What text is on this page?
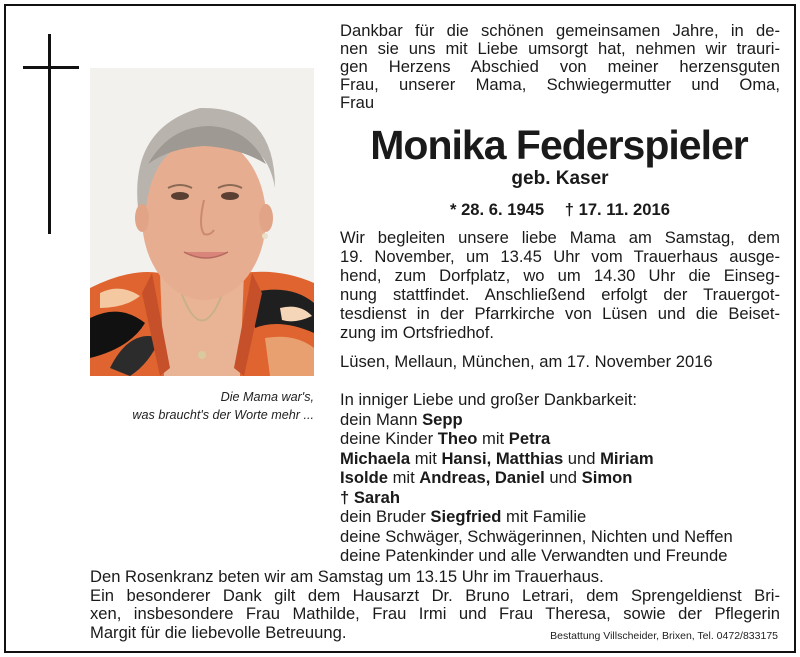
Die Mama war's,
was braucht's der Worte mehr ...
Dankbar für die schönen gemeinsamen Jahre, in de-
nen sie uns mit Liebe umsorgt hat, nehmen wir trauri-
gen Herzens Abschied von meiner herzensguten
Frau, unserer Mama, Schwiegermutter und Oma,
Frau
Monika Federspieler
geb. Kaser
* 28. 6. 1945 † 17. 11. 2016
Wir begleiten unsere liebe Mama am Samstag, dem
19. November, um 13.45 Uhr vom Trauerhaus ausge-
hend, zum Dorfplatz, wo um 14.30 Uhr die Einseg-
nung stattfindet. Anschließend erfolgt der Trauergot-
tesdienst in der Pfarrkirche von Lüsen und die Beiset-
zung im Ortsfriedhof.
Lüsen, Mellaun, München, am 17. November 2016
In inniger Liebe und großer Dankbarkeit:
dein Mann Sepp
deine Kinder Theo mit Petra
Michaela mit Hansi, Matthias und Miriam
Isolde mit Andreas, Daniel und Simon
† Sarah
dein Bruder Siegfried mit Familie
deine Schwäger, Schwägerinnen, Nichten und Neffen
deine Patenkinder und alle Verwandten und Freunde
Den Rosenkranz beten wir am Samstag um 13.15 Uhr im Trauerhaus.
Ein besonderer Dank gilt dem Hausarzt Dr. Bruno Letrari, dem Sprengeldienst Bri-
xen, insbesondere Frau Mathilde, Frau Irmi und Frau Theresa, sowie der Pflegerin
Margit für die liebevolle Betreuung.	Bestattung Villscheider, Brixen, Tel. 0472/833175
